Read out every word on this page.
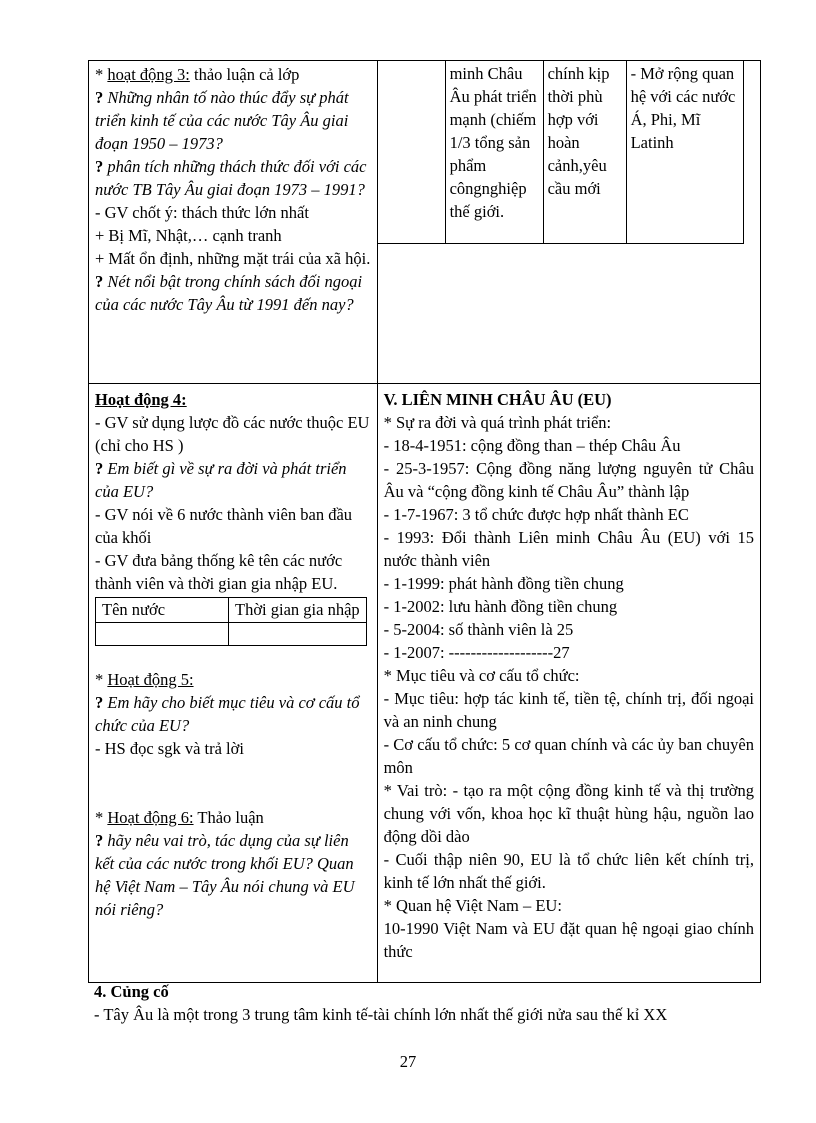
* hoạt động 3: thảo luận cả lớp
? Những nhân tố nào thúc đẩy sự phát triển kinh tế của các nước Tây Âu giai đoạn 1950 – 1973?
? phân tích những thách thức đối với các nước TB Tây Âu giai đoạn 1973 – 1991?
- GV chốt ý: thách thức lớn nhất
+ Bị Mĩ, Nhật,… cạnh tranh
+ Mất ổn định, những mặt trái của xã hội.
? Nét nổi bật trong chính sách đối ngoại của các nước Tây Âu từ 1991 đến nay?

	minh Châu Âu phát triển mạnh (chiếm 1/3 tổng sản phẩm côngnghiệp thế giới.	chính kịp thời phù hợp với hoàn cảnh,yêu cầu mới	- Mở rộng quan hệ với các nước Á, Phi, Mĩ Latinh

Hoạt động 4:
- GV sử dụng lược đồ các nước thuộc EU (chỉ cho HS )
? Em biết gì về sự ra đời và phát triển của EU?
- GV nói về 6 nước thành viên ban đầu của khối
- GV đưa bảng thống kê tên các nước thành viên và thời gian gia nhập EU.
Tên nước	Thời gian gia nhập

* Hoạt động 5:
? Em hãy cho biết mục tiêu và cơ cấu tổ chức của EU?
- HS đọc sgk và trả lời
* Hoạt động 6: Thảo luận
? hãy nêu vai trò, tác dụng của sự liên kết của các nước trong khối EU? Quan hệ Việt Nam – Tây Âu nói chung và EU nói riêng?

V. LIÊN MINH CHÂU ÂU (EU)
* Sự ra đời và quá trình phát triển:
- 18-4-1951: cộng đồng than – thép Châu Âu
- 25-3-1957: Cộng đồng năng lượng nguyên tử Châu Âu và “cộng đồng kinh tế Châu Âu” thành lập
- 1-7-1967: 3 tổ chức được hợp nhất thành EC
- 1993: Đổi thành Liên minh Châu Âu (EU) với 15 nước thành viên
- 1-1999: phát hành đồng tiền chung
- 1-2002: lưu hành đồng tiền chung
- 5-2004: số thành viên là 25
- 1-2007: -------------------27
* Mục tiêu và cơ cấu tổ chức:
- Mục tiêu: hợp tác kinh tế, tiền tệ, chính trị, đối ngoại và an ninh chung
- Cơ cấu tổ chức: 5 cơ quan chính và các ủy ban chuyên môn
* Vai trò: - tạo ra một cộng đồng kinh tế và thị trường chung với vốn, khoa học kĩ thuật hùng hậu, nguồn lao động dồi dào
- Cuối thập niên 90, EU là tổ chức liên kết chính trị, kinh tế lớn nhất thế giới.
* Quan hệ Việt Nam – EU:
10-1990 Việt Nam và EU đặt quan hệ ngoại giao chính thức
4. Củng cố
- Tây Âu là một trong 3 trung tâm kinh tế-tài chính lớn nhất thế giới nửa sau thế kỉ XX
27
